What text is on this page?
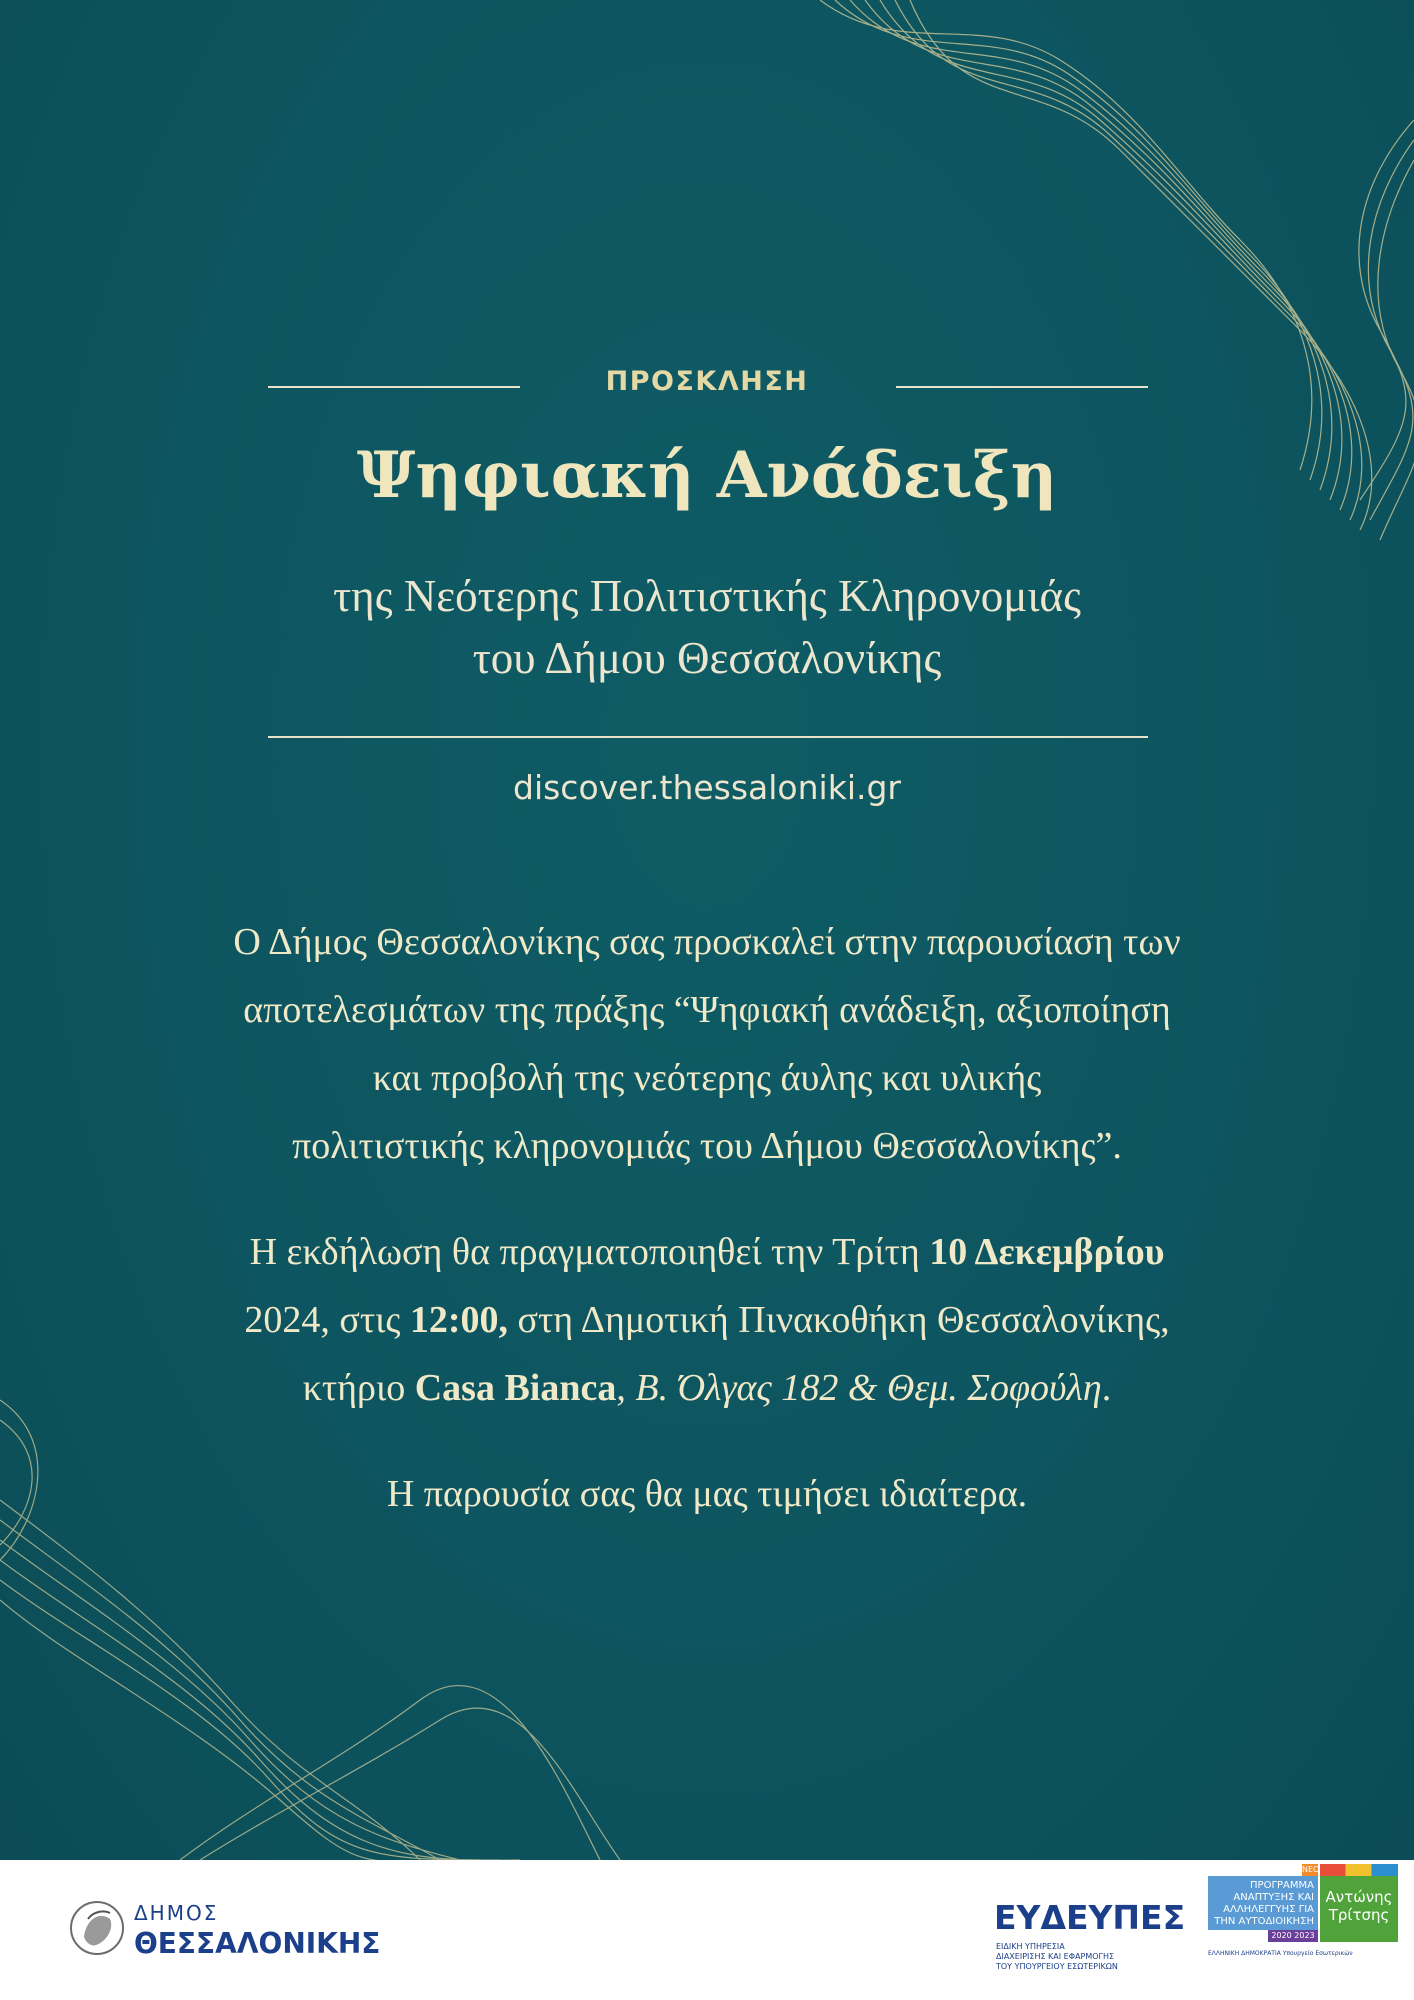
ΠΡΟΣΚΛΗΣΗ
Ψηφιακή Ανάδειξη
της Νεότερης Πολιτιστικής Κληρονομιάς
του Δήμου Θεσσαλονίκης
discover.thessaloniki.gr
Ο Δήμος Θεσσαλονίκης σας προσκαλεί στην παρουσίαση των
αποτελεσμάτων της πράξης “Ψηφιακή ανάδειξη, αξιοποίηση
και προβολή της νεότερης άυλης και υλικής
πολιτιστικής κληρονομιάς του Δήμου Θεσσαλονίκης”.
Η εκδήλωση θα πραγματοποιηθεί την Τρίτη 10 Δεκεμβρίου
2024, στις 12:00, στη Δημοτική Πινακοθήκη Θεσσαλονίκης,
κτήριο Casa Bianca, Β. Όλγας 182 & Θεμ. Σοφούλη.
Η παρουσία σας θα μας τιμήσει ιδιαίτερα.
ΔΗΜΟΣ
ΘΕΣΣΑΛΟΝΙΚΗΣ
ΕΥΔΕΥΠΕΣ
ΕΙΔΙΚΗ ΥΠΗΡΕΣΙΑ
ΔΙΑΧΕΙΡΙΣΗΣ ΚΑΙ ΕΦΑΡΜΟΓΗΣ
ΤΟΥ ΥΠΟΥΡΓΕΙΟΥ ΕΣΩΤΕΡΙΚΩΝ
ΝΕΟ
ΠΡΟΓΡΑΜΜΑ
ΑΝΑΠΤΥΞΗΣ ΚΑΙ
ΑΛΛΗΛΕΓΓΥΗΣ ΓΙΑ
ΤΗΝ ΑΥΤΟΔΙΟΙΚΗΣΗ
2020 2023
Αντώνης
Τρίτσης
ΕΛΛΗΝΙΚΗ ΔΗΜΟΚΡΑΤΙΑ Υπουργείο Εσωτερικών
